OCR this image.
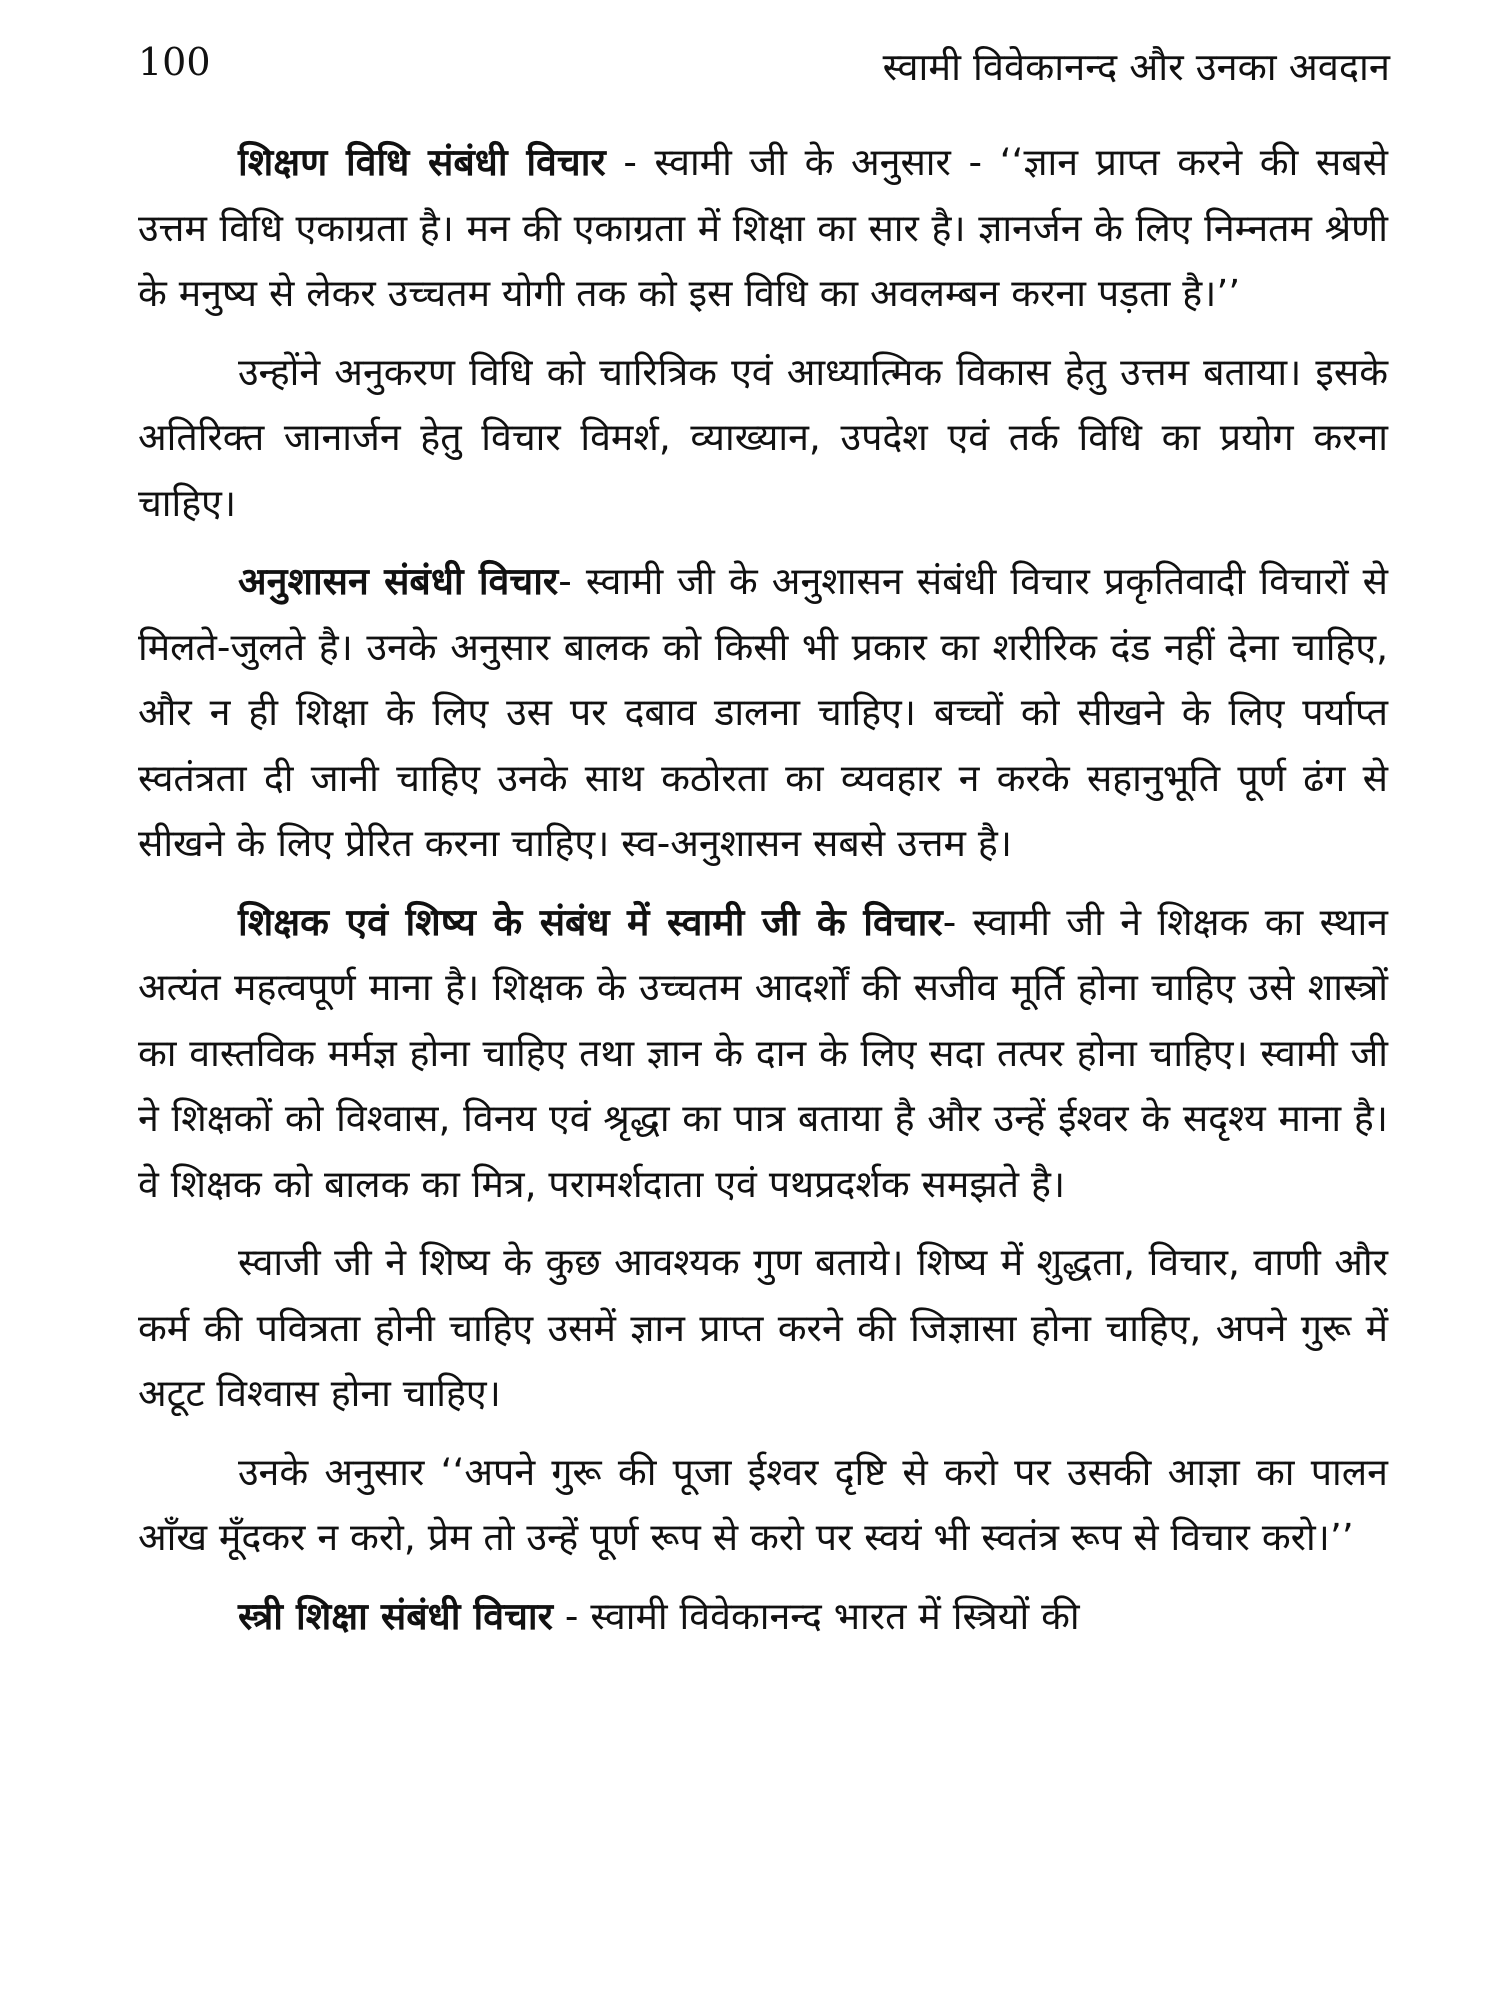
100	स्वामी विवेकानन्द और उनका अवदान

शिक्षण विधि संबंधी विचार - स्वामी जी के अनुसार - ‘‘ज्ञान प्राप्त करने की सबसे उत्तम विधि एकाग्रता है। मन की एकाग्रता में शिक्षा का सार है। ज्ञानर्जन के लिए निम्नतम श्रेणी के मनुष्य से लेकर उच्चतम योगी तक को इस विधि का अवलम्बन करना पड़ता है।’’

उन्होंने अनुकरण विधि को चारित्रिक एवं आध्यात्मिक विकास हेतु उत्तम बताया। इसके अतिरिक्त जानार्जन हेतु विचार विमर्श, व्याख्यान, उपदेश एवं तर्क विधि का प्रयोग करना चाहिए।

अनुशासन संबंधी विचार- स्वामी जी के अनुशासन संबंधी विचार प्रकृतिवादी विचारों से मिलते-जुलते है। उनके अनुसार बालक को किसी भी प्रकार का शरीरिक दंड नहीं देना चाहिए, और न ही शिक्षा के लिए उस पर दबाव डालना चाहिए। बच्चों को सीखने के लिए पर्याप्त स्वतंत्रता दी जानी चाहिए उनके साथ कठोरता का व्यवहार न करके सहानुभूति पूर्ण ढंग से सीखने के लिए प्रेरित करना चाहिए। स्व-अनुशासन सबसे उत्तम है।

शिक्षक एवं शिष्य के संबंध में स्वामी जी के विचार- स्वामी जी ने शिक्षक का स्थान अत्यंत महत्वपूर्ण माना है। शिक्षक के उच्चतम आदर्शों की सजीव मूर्ति होना चाहिए उसे शास्त्रों का वास्तविक मर्मज्ञ होना चाहिए तथा ज्ञान के दान के लिए सदा तत्पर होना चाहिए। स्वामी जी ने शिक्षकों को विश्वास, विनय एवं श्रृद्धा का पात्र बताया है और उन्हें ईश्वर के सदृश्य माना है। वे शिक्षक को बालक का मित्र, परामर्शदाता एवं पथप्रदर्शक समझते है।

स्वाजी जी ने शिष्य के कुछ आवश्यक गुण बताये। शिष्य में शुद्धता, विचार, वाणी और कर्म की पवित्रता होनी चाहिए उसमें ज्ञान प्राप्त करने की जिज्ञासा होना चाहिए, अपने गुरू में अटूट विश्वास होना चाहिए।

उनके अनुसार ‘‘अपने गुरू की पूजा ईश्वर दृष्टि से करो पर उसकी आज्ञा का पालन आँख मूँदकर न करो, प्रेम तो उन्हें पूर्ण रूप से करो पर स्वयं भी स्वतंत्र रूप से विचार करो।’’

स्त्री शिक्षा संबंधी विचार - स्वामी विवेकानन्द भारत में स्त्रियों की
